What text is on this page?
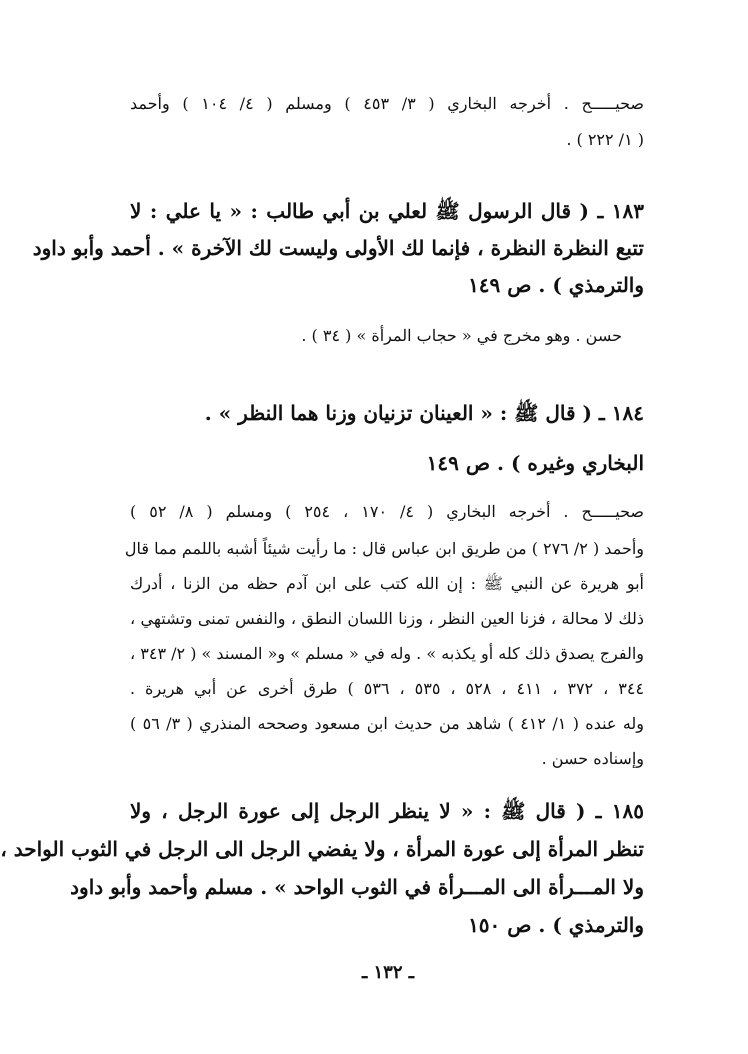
صحيـــــح . أخرجه البخاري ( ٣/ ٤٥٣ ) ومسلم ( ٤/ ١٠٤ ) وأحمد
( ١/ ٢٢٢ ) .
١٨٣ ـ ( قال الرسول ﷺ لعلي بن أبي طالب : « يا علي : لا
تتبع النظرة النظرة ، فإنما لك الأولى وليست لك الآخرة » . أحمد وأبو داود
والترمذي ) . ص ١٤٩
حسن . وهو مخرج في « حجاب المرأة » ( ٣٤ ) .
١٨٤ ـ ( قال ﷺ : « العينان تزنيان وزنا هما النظر » .
البخاري وغيره ) . ص ١٤٩
صحيـــــح . أخرجه البخاري ( ٤/ ١٧٠ ، ٢٥٤ ) ومسلم ( ٨/ ٥٢ )
وأحمد ( ٢/ ٢٧٦ ) من طريق ابن عباس قال : ما رأيت شيئاً أشبه باللمم مما قال
أبو هريرة عن النبي ﷺ : إن الله كتب على ابن آدم حظه من الزنا ، أدرك
ذلك لا محالة ، فزنا العين النظر ، وزنا اللسان النطق ، والنفس تمنى وتشتهي ،
والفرج يصدق ذلك كله أو يكذبه » . وله في « مسلم » و« المسند » ( ٢/ ٣٤٣ ،
٣٤٤ ، ٣٧٢ ، ٤١١ ، ٥٢٨ ، ٥٣٥ ، ٥٣٦ ) طرق أخرى عن أبي هريرة .
وله عنده ( ١/ ٤١٢ ) شاهد من حديث ابن مسعود وصححه المنذري ( ٣/ ٥٦ )
وإسناده حسن .
١٨٥ ـ ( قال ﷺ : « لا ينظر الرجل إلى عورة الرجل ، ولا
تنظر المرأة إلى عورة المرأة ، ولا يفضي الرجل الى الرجل في الثوب الواحد ،
ولا المـــرأة الى المـــرأة في الثوب الواحد » . مسلم وأحمد وأبو داود
والترمذي ) . ص ١٥٠
ـ ١٣٢ ـ
